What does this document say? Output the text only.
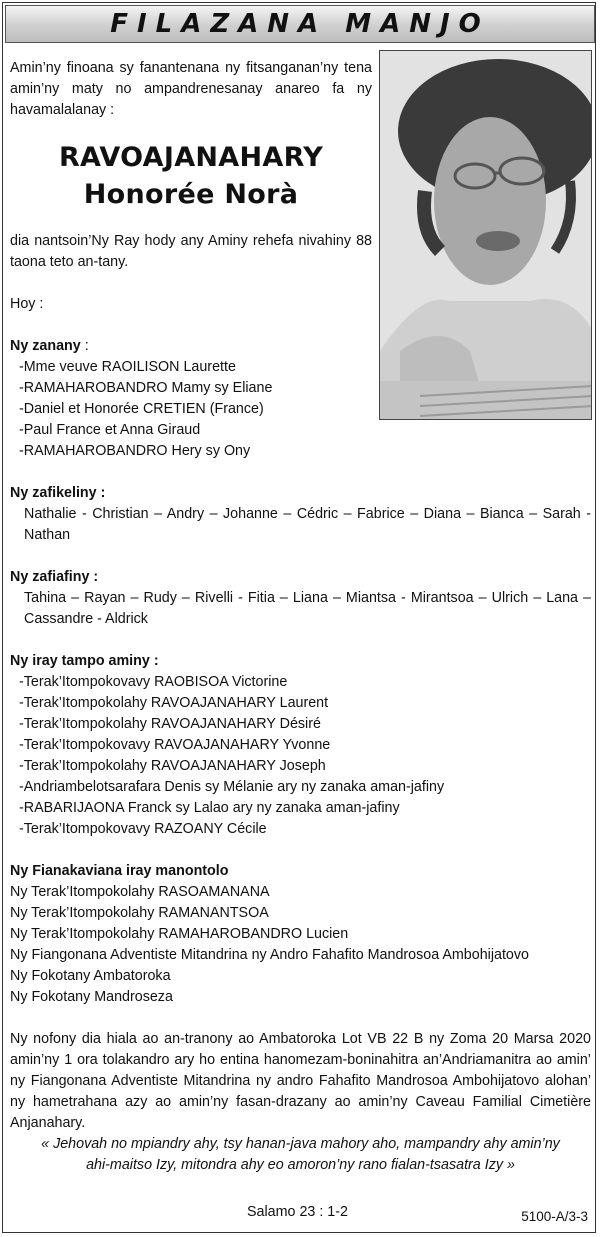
FILAZANA MANJO

Amin’ny finoana sy fanantenana ny fitsanganan’ny tena amin’ny maty no ampandrenesanay anareo fa ny havamalalanay :

RAVOAJANAHARY
Honorée Norà

dia nantsoin’Ny Ray hody any Aminy rehefa nivahiny 88 taona teto an-tany.

Hoy :

Ny zanany :

-Mme veuve RAOILISON Laurette

-RAMAHAROBANDRO Mamy sy Eliane

-Daniel et Honorée CRETIEN (France)

-Paul France et Anna Giraud

-RAMAHAROBANDRO Hery sy Ony

Ny zafikeliny :

Nathalie - Christian – Andry – Johanne – Cédric – Fabrice – Diana – Bianca – Sarah - Nathan

Ny zafiafiny :

Tahina – Rayan – Rudy – Rivelli - Fitia – Liana – Miantsa - Mirantsoa – Ulrich – Lana – Cassandre - Aldrick

Ny iray tampo aminy :

-Terak’Itompokovavy RAOBISOA Victorine

-Terak’Itompokolahy RAVOAJANAHARY Laurent

-Terak’Itompokolahy RAVOAJANAHARY Désiré

-Terak’Itompokovavy RAVOAJANAHARY Yvonne

-Terak’Itompokolahy RAVOAJANAHARY Joseph

-Andriambelotsarafara Denis sy Mélanie ary ny zanaka aman-jafiny

-RABARIJAONA Franck sy Lalao ary ny zanaka aman-jafiny

-Terak’Itompokovavy RAZOANY Cécile

Ny Fianakaviana iray manontolo

Ny Terak’Itompokolahy RASOAMANANA

Ny Terak’Itompokolahy RAMANANTSOA

Ny Terak’Itompokolahy RAMAHAROBANDRO Lucien

Ny Fiangonana Adventiste Mitandrina ny Andro Fahafito Mandrosoa Ambohijatovo

Ny Fokotany Ambatoroka

Ny Fokotany Mandroseza

Ny nofony dia hiala ao an-tranony ao Ambatoroka Lot VB 22 B ny Zoma 20 Marsa 2020 amin’ny 1 ora tolakandro ary ho entina hanomezam-boninahitra an’Andriamanitra ao amin’ ny Fiangonana Adventiste Mitandrina ny andro Fahafito Mandrosoa Ambohijatovo alohan’ ny hametrahana azy ao amin’ny fasan-drazany ao amin’ny Caveau Familial Cimetière Anjanahary.

« Jehovah no mpiandry ahy, tsy hanan-java mahory aho, mampandry ahy amin’ny ahi-maitso Izy, mitondra ahy eo amoron’ny rano fialan-tsasatra Izy »

Salamo 23 : 1-2	5100-A/3-3
